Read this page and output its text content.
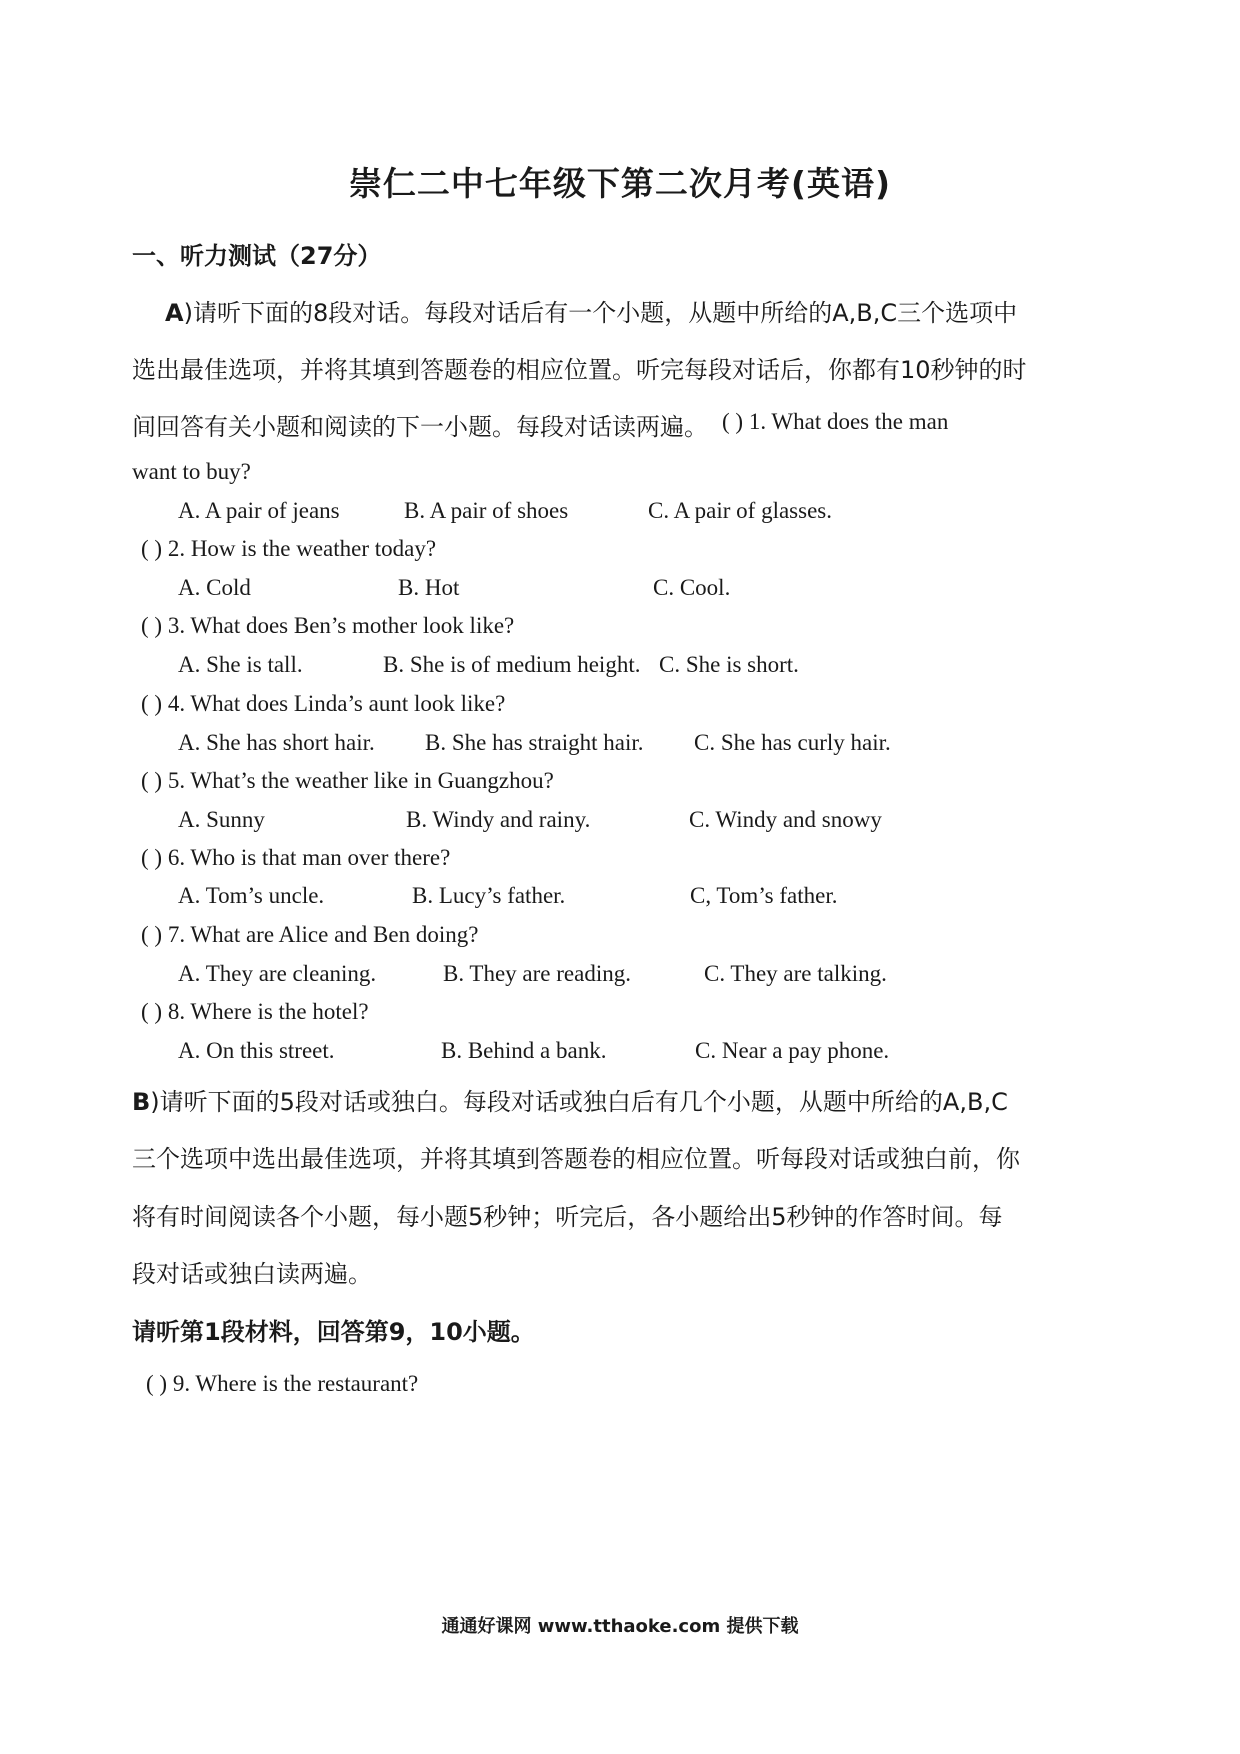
崇仁二中七年级下第二次月考(英语)
一、听力测试（27分）
A)请听下面的8段对话。每段对话后有一个小题，从题中所给的A,B,C三个选项中
选出最佳选项，并将其填到答题卷的相应位置。听完每段对话后，你都有10秒钟的时
间回答有关小题和阅读的下一小题。每段对话读两遍。 ( ) 1. What does the man
want to buy?
A. A pair of jeans	B. A pair of shoes	C. A pair of glasses.
( ) 2. How is the weather today?
A. Cold	B. Hot	C. Cool.
( ) 3. What does Ben’s mother look like?
A. She is tall.	B. She is of medium height. C. She is short.
( ) 4. What does Linda’s aunt look like?
A. She has short hair. B. She has straight hair. C. She has curly hair.
( ) 5. What’s the weather like in Guangzhou?
A. Sunny	B. Windy and rainy.	C. Windy and snowy
( ) 6. Who is that man over there?
A. Tom’s uncle.	B. Lucy’s father.	C, Tom’s father.
( ) 7. What are Alice and Ben doing?
A. They are cleaning.	B. They are reading.	C. They are talking.
( ) 8. Where is the hotel?
A. On this street.	B. Behind a bank.	C. Near a pay phone.
B)请听下面的5段对话或独白。每段对话或独白后有几个小题，从题中所给的A,B,C
三个选项中选出最佳选项，并将其填到答题卷的相应位置。听每段对话或独白前，你
将有时间阅读各个小题，每小题5秒钟；听完后，各小题给出5秒钟的作答时间。每
段对话或独白读两遍。
请听第1段材料，回答第9，10小题。
( ) 9. Where is the restaurant?
通通好课网 www.tthaoke.com 提供下载
